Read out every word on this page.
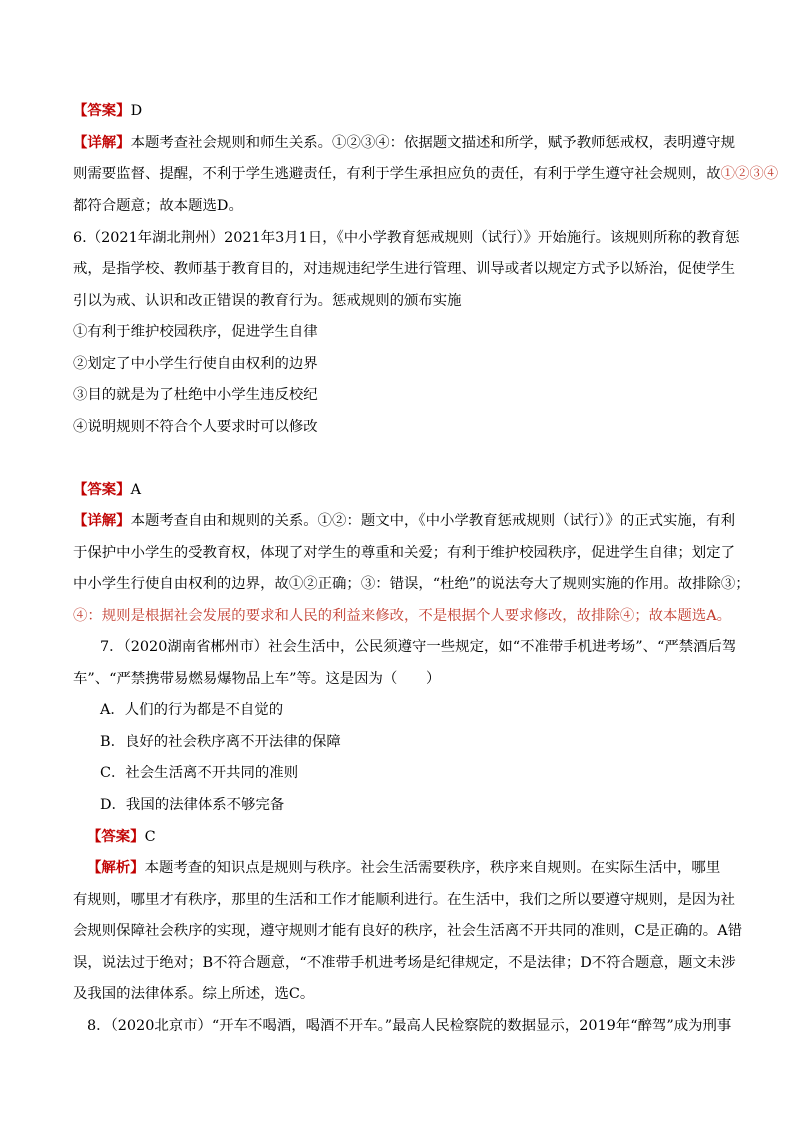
【答案】D
【详解】本题考查社会规则和师生关系。①②③④：依据题文描述和所学，赋予教师惩戒权，表明遵守规
则需要监督、提醒，不利于学生逃避责任，有利于学生承担应负的责任，有利于学生遵守社会规则，故①②③④
都符合题意；故本题选D。
6.（2021年湖北荆州）2021年3月1日，《中小学教育惩戒规则（试行）》开始施行。该规则所称的教育惩
戒，是指学校、教师基于教育目的，对违规违纪学生进行管理、训导或者以规定方式予以矫治，促使学生
引以为戒、认识和改正错误的教育行为。惩戒规则的颁布实施
①有利于维护校园秩序，促进学生自律
②划定了中小学生行使自由权利的边界
③目的就是为了杜绝中小学生违反校纪
④说明规则不符合个人要求时可以修改
【答案】A
【详解】本题考查自由和规则的关系。①②：题文中，《中小学教育惩戒规则（试行）》的正式实施，有利
于保护中小学生的受教育权，体现了对学生的尊重和关爱；有利于维护校园秩序，促进学生自律；划定了
中小学生行使自由权利的边界，故①②正确；③：错误，“杜绝”的说法夸大了规则实施的作用。故排除③；
④：规则是根据社会发展的要求和人民的利益来修改，不是根据个人要求修改，故排除④；故本题选A。
7．（2020湖南省郴州市）社会生活中，公民须遵守一些规定，如“不准带手机进考场”、“严禁酒后驾
车”、“严禁携带易燃易爆物品上车”等。这是因为（　　）
A．人们的行为都是不自觉的
B．良好的社会秩序离不开法律的保障
C．社会生活离不开共同的准则
D．我国的法律体系不够完备
【答案】C
【解析】本题考查的知识点是规则与秩序。社会生活需要秩序，秩序来自规则。在实际生活中，哪里
有规则，哪里才有秩序，那里的生活和工作才能顺利进行。在生活中，我们之所以要遵守规则，是因为社
会规则保障社会秩序的实现，遵守规则才能有良好的秩序，社会生活离不开共同的准则，C是正确的。A错
误，说法过于绝对；B不符合题意，“不准带手机进考场是纪律规定，不是法律；D不符合题意，题文未涉
及我国的法律体系。综上所述，选C。
8．（2020北京市）“开车不喝酒，喝酒不开车。”最高人民检察院的数据显示，2019年“醉驾”成为刑事
